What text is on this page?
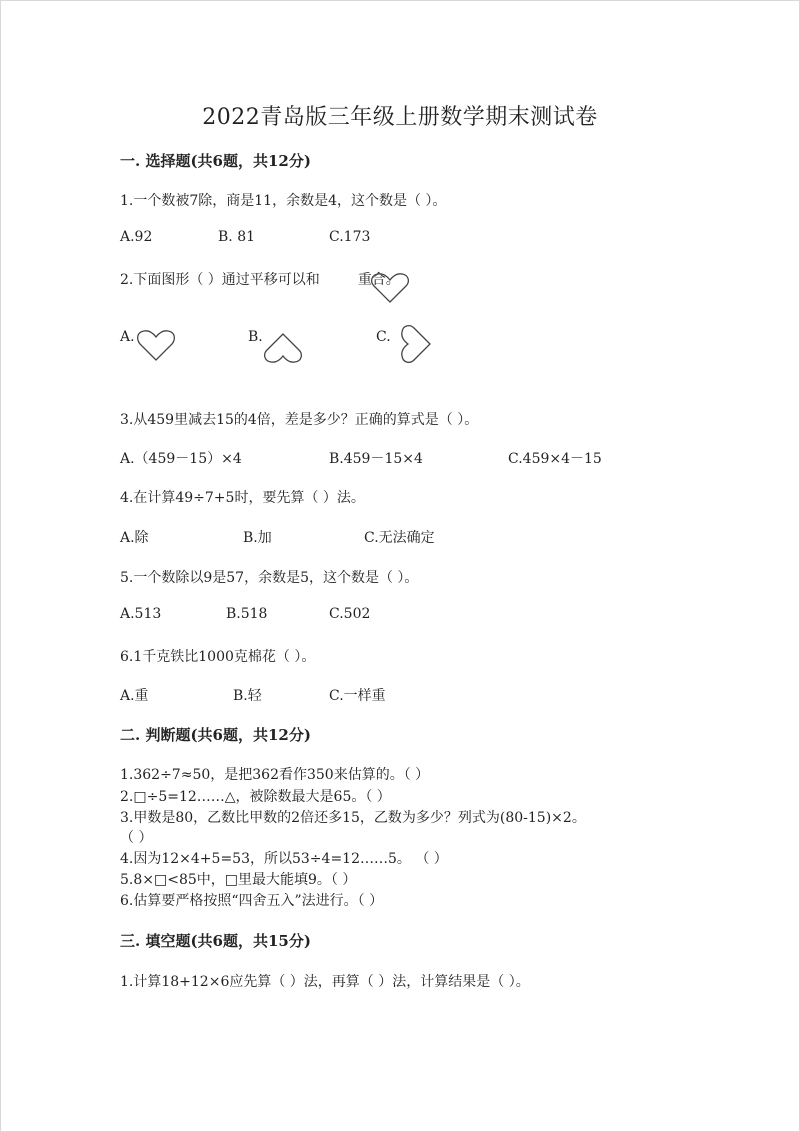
2022青岛版三年级上册数学期末测试卷
一. 选择题(共6题，共12分)
1.一个数被7除，商是11，余数是4，这个数是（ ）。
A.92	B. 81	C.173
2.下面图形（ ）通过平移可以和	重合。
A.	B.	C.
3.从459里减去15的4倍，差是多少？正确的算式是（ ）。
A.（459－15）×4	B.459－15×4	C.459×4－15
4.在计算49÷7+5时，要先算（ ）法。
A.除	B.加	C.无法确定
5.一个数除以9是57，余数是5，这个数是（ ）。
A.513	B.518	C.502
6.1千克铁比1000克棉花（ ）。
A.重	B.轻	C.一样重
二. 判断题(共6题，共12分)
1.362÷7≈50，是把362看作350来估算的。（ ）
2.□÷5=12……△，被除数最大是65。（ ）
3.甲数是80，乙数比甲数的2倍还多15，乙数为多少？列式为(80-15)×2。
（ ）
4.因为12×4+5=53，所以53÷4=12……5。 （ ）
5.8×□<85中，□里最大能填9。（ ）
6.估算要严格按照“四舍五入”法进行。（ ）
三. 填空题(共6题，共15分)
1.计算18+12×6应先算（ ）法，再算（ ）法，计算结果是（ ）。
